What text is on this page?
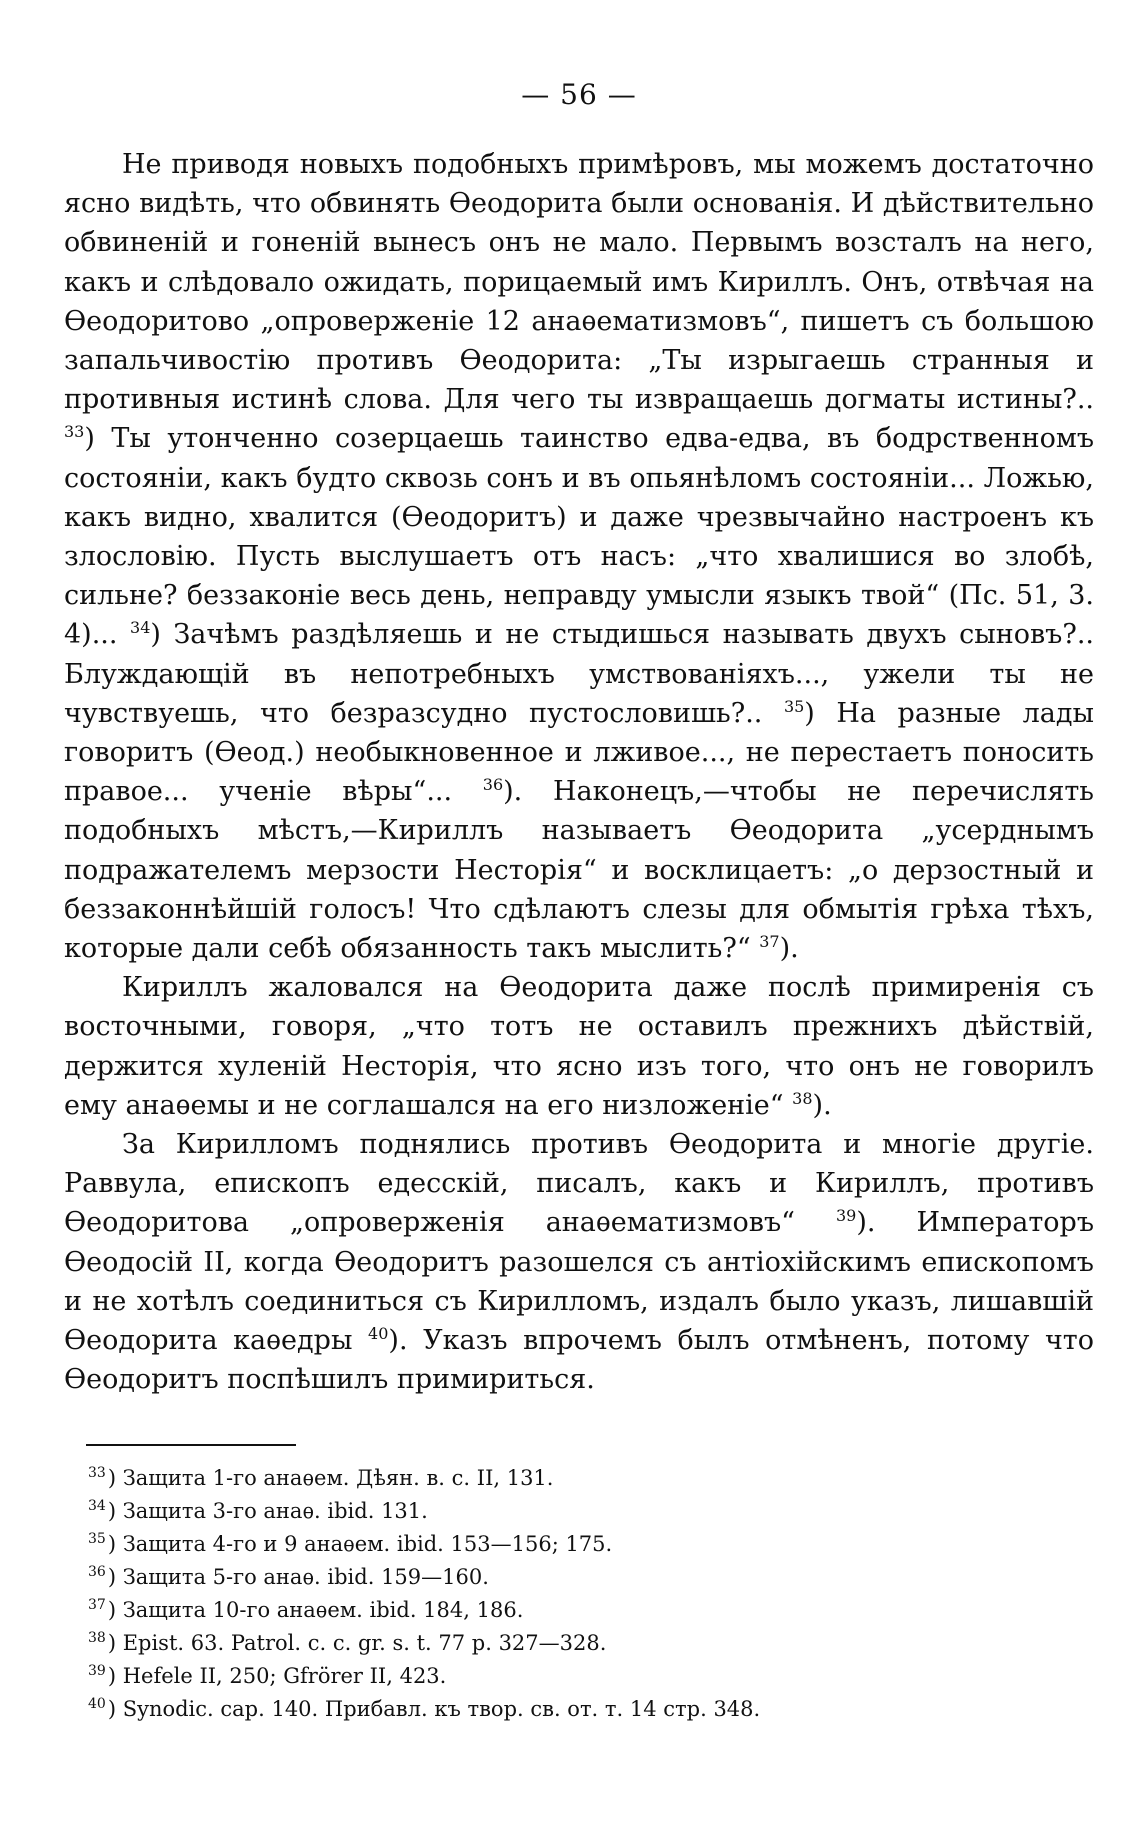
— 56 —

Не приводя новыхъ подобныхъ примѣровъ, мы можемъ достаточно ясно видѣть, что обвинять Ѳеодорита были основанія. И дѣйствительно обвиненій и гоненій вынесъ онъ не мало. Первымъ возсталъ на него, какъ и слѣдовало ожидать, порицаемый имъ Кириллъ. Онъ, отвѣчая на Ѳеодоритово „опроверженіе 12 анаѳематизмовъ“, пишетъ съ большою запальчивостію противъ Ѳеодорита: „Ты изрыгаешь странныя и противныя истинѣ слова. Для чего ты извращаешь догматы истины?.. $^{33}$) Ты утонченно созерцаешь таинство едва-едва, въ бодрственномъ состояніи, какъ будто сквозь сонъ и въ опьянѣломъ состояніи... Ложью, какъ видно, хвалится (Ѳеодоритъ) и даже чрезвычайно настроенъ къ злословію. Пусть выслушаетъ отъ насъ: „что хвалишися во злобѣ, сильне? беззаконіе весь день, неправду умысли языкъ твой“ (Пс. 51, 3. 4)... $^{34}$) Зачѣмъ раздѣляешь и не стыдишься называть двухъ сыновъ?.. Блуждающій въ непотребныхъ умствованіяхъ..., ужели ты не чувствуешь, что безразсудно пустословишь?.. $^{35}$) На разные лады говоритъ (Ѳеод.) необыкновенное и лживое..., не перестаетъ поносить правое... ученіе вѣры“... $^{36}$). Наконецъ,—чтобы не перечислять подобныхъ мѣстъ,—Кириллъ называетъ Ѳеодорита „усерднымъ подражателемъ мерзости Несторія“ и восклицаетъ: „о дерзостный и беззаконнѣйшій голосъ! Что сдѣлаютъ слезы для обмытія грѣха тѣхъ, которые дали себѣ обязанность такъ мыслить?“ $^{37}$).

Кириллъ жаловался на Ѳеодорита даже послѣ примиренія съ восточными, говоря, „что тотъ не оставилъ прежнихъ дѣйствій, держится хуленій Несторія, что ясно изъ того, что онъ не говорилъ ему анаѳемы и не соглашался на его низложеніе“ $^{38}$).

За Кирилломъ поднялись противъ Ѳеодорита и многіе другіе. Раввула, епископъ едесскій, писалъ, какъ и Кириллъ, противъ Ѳеодоритова „опроверженія анаѳематизмовъ“ $^{39}$). Императоръ Ѳеодосій II, когда Ѳеодоритъ разошелся съ антіохійскимъ епископомъ и не хотѣлъ соединиться съ Кирилломъ, издалъ было указъ, лишавшій Ѳеодорита каѳедры $^{40}$). Указъ впрочемъ былъ отмѣненъ, потому что Ѳеодоритъ поспѣшилъ примириться.

$^{33}$) Защита 1-го анаѳем. Дѣян. в. с. II, 131.
$^{34}$) Защита 3-го анаѳ. ibid. 131.
$^{35}$) Защита 4-го и 9 анаѳем. ibid. 153—156; 175.
$^{36}$) Защита 5-го анаѳ. ibid. 159—160.
$^{37}$) Защита 10-го анаѳем. ibid. 184, 186.
$^{38}$) Epist. 63. Patrol. c. c. gr. s. t. 77 p. 327—328.
$^{39}$) Hefele II, 250; Gfrörer II, 423.
$^{40}$) Synodic. cap. 140. Прибавл. къ твор. св. от. т. 14 стр. 348.
